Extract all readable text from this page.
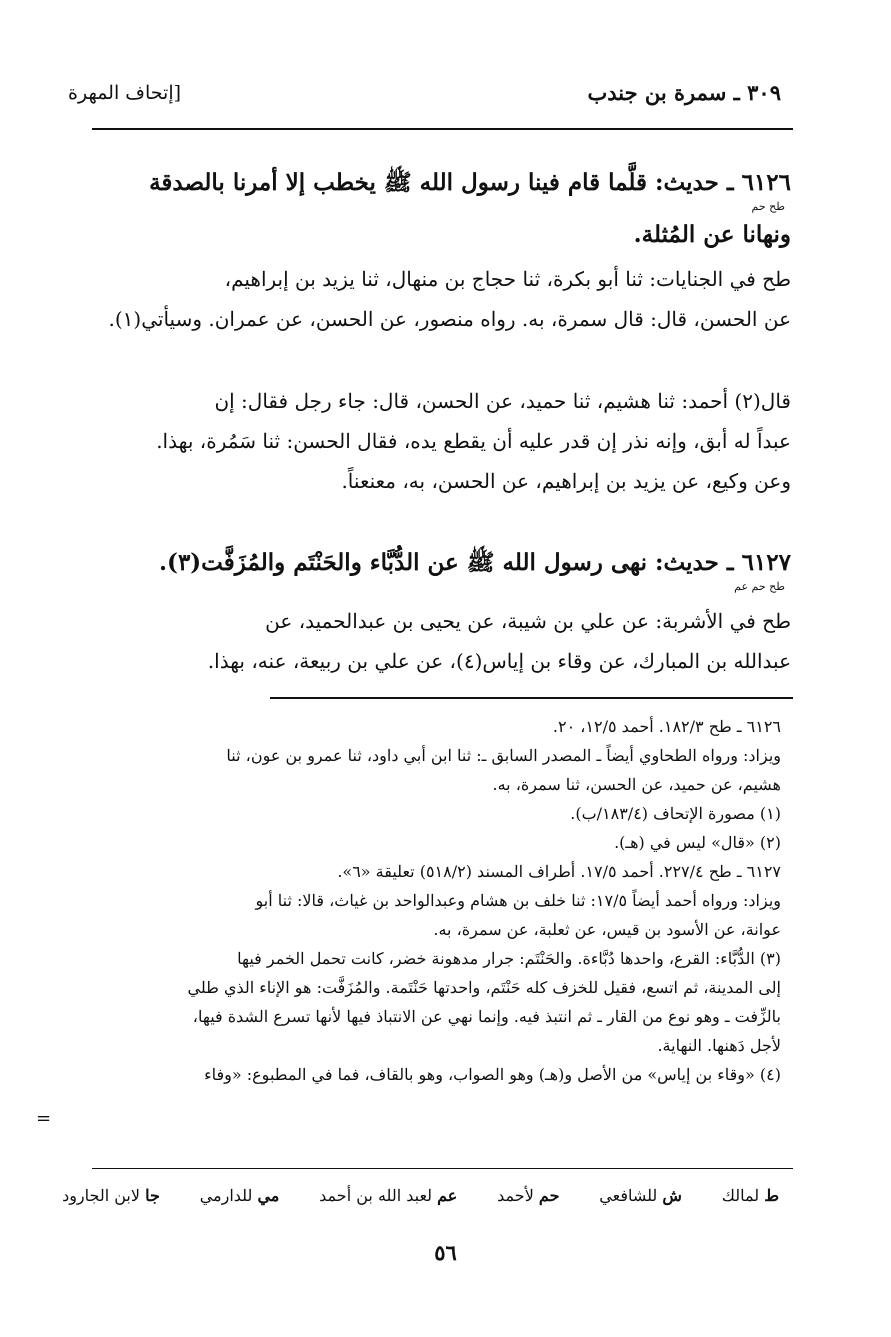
٣٠٩ ـ سمرة بن جندب
[إتحاف المهرة
٦١٢٦ ـ حديث: قلَّما قام فينا رسول الله ﷺ يخطب إلا أمرنا بالصدقة
طح حم
ونهانا عن المُثلة.
طح في الجنايات: ثنا أبو بكرة، ثنا حجاج بن منهال، ثنا يزيد بن إبراهيم،
عن الحسن، قال: قال سمرة، به. رواه منصور، عن الحسن، عن عمران. وسيأتي(١).
قال(٢) أحمد: ثنا هشيم، ثنا حميد، عن الحسن، قال: جاء رجل فقال: إن
عبداً له أبق، وإنه نذر إن قدر عليه أن يقطع يده، فقال الحسن: ثنا سَمُرة، بهذا.
وعن وكيع، عن يزيد بن إبراهيم، عن الحسن، به، معنعناً.
٦١٢٧ ـ حديث: نهى رسول الله ﷺ عن الدُّبَّاء والحَنْتَم والمُزَفَّت(٣).
طح حم عم
طح في الأشربة: عن علي بن شيبة، عن يحيى بن عبدالحميد، عن
عبدالله بن المبارك، عن وقاء بن إياس(٤)، عن علي بن ربيعة، عنه، بهذا.
٦١٢٦ ـ طح ١٨٢/٣. أحمد ١٢/٥، ٢٠.
ويزاد: ورواه الطحاوي أيضاً ـ المصدر السابق ـ: ثنا ابن أبي داود، ثنا عمرو بن عون، ثنا
هشيم، عن حميد، عن الحسن، ثنا سمرة، به.
(١) مصورة الإتحاف (١٨٣/٤/ب).
(٢) «قال» ليس في (هـ).
٦١٢٧ ـ طح ٢٢٧/٤. أحمد ١٧/٥. أطراف المسند (٥١٨/٢) تعليقة «٦».
ويزاد: ورواه أحمد أيضاً ١٧/٥: ثنا خلف بن هشام وعبدالواحد بن غياث، قالا: ثنا أبو
عوانة، عن الأسود بن قيس، عن ثعلبة، عن سمرة، به.
(٣) الدُّبَّاء: القرع، واحدها دُبَّاءة. والحَنْتَم: جرار مدهونة خضر، كانت تحمل الخمر فيها
إلى المدينة، ثم اتسع، فقيل للخزف كله حَنْتَم، واحدتها حَنْتَمة. والمُزَفَّت: هو الإناء الذي طلي
بالزِّفت ـ وهو نوع من القار ـ ثم انتبذ فيه. وإنما نهي عن الانتباذ فيها لأنها تسرع الشدة فيها،
لأجل دَهنها. النهاية.
(٤) «وقاء بن إياس» من الأصل و(هـ) وهو الصواب، وهو بالقاف، فما في المطبوع: «وفاء
=
ط لمالك
ش للشافعي
حم لأحمد
عم لعبد الله بن أحمد
مي للدارمي
جا لابن الجارود
٥٦
